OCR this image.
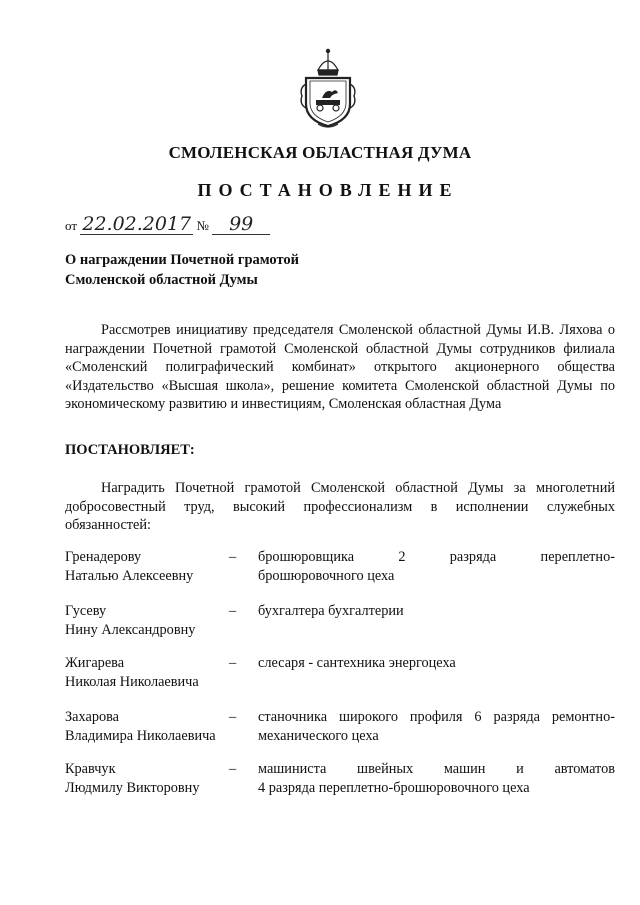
СМОЛЕНСКАЯ ОБЛАСТНАЯ ДУМА
ПОСТАНОВЛЕНИЕ
от 22.02.2017 № 99
О награждении Почетной грамотой
Смоленской областной Думы
Рассмотрев инициативу председателя Смоленской областной Думы И.В. Ляхова о награждении Почетной грамотой Смоленской областной Думы сотрудников филиала «Смоленский полиграфический комбинат» открытого акционерного общества «Издательство «Высшая школа», решение комитета Смоленской областной Думы по экономическому развитию и инвестициям, Смоленская областная Дума
ПОСТАНОВЛЯЕТ:
Наградить Почетной грамотой Смоленской областной Думы за многолетний добросовестный труд, высокий профессионализм в исполнении служебных обязанностей:
Гренадерову
Наталью Алексеевну
– брошюровщика 2 разряда переплетно-
брошюровочного цеха
Гусеву
Нину Александровну
– бухгалтера бухгалтерии
Жигарева
Николая Николаевича
– слесаря - сантехника энергоцеха
Захарова
Владимира Николаевича
– станочника широкого профиля 6 разряда ремонтно-
механического цеха
Кравчук
Людмилу Викторовну
– машиниста швейных машин и автоматов
4 разряда переплетно-брошюровочного цеха
